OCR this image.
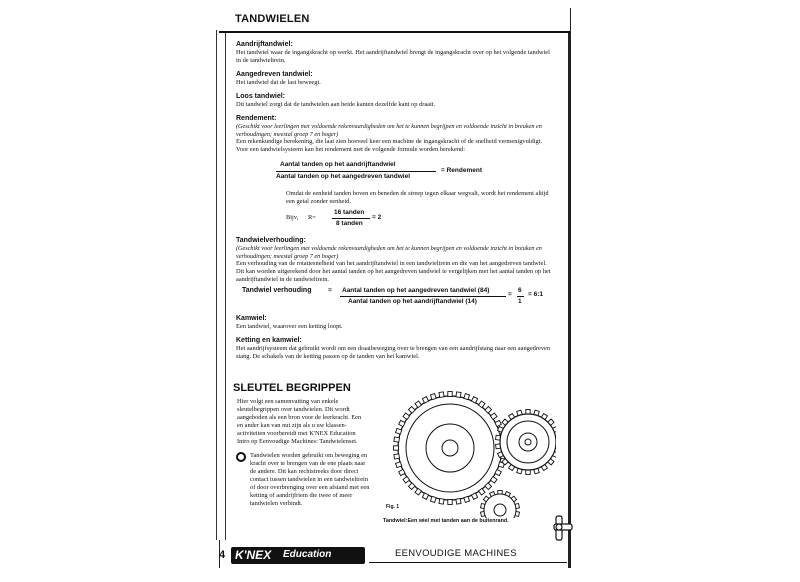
TANDWIELEN

Aandrijftandwiel:

Het tandwiel waar de ingangskracht op werkt. Het aandrijftandwiel brengt de ingangskracht over op het volgende tandwiel in de tandwieltrein.

Aangedreven tandwiel:

Het tandwiel dat de last beweegt.

Loos tandwiel:

Dit tandwiel zorgt dat de tandwielen aan beide kanten dezelfde kant op draait.

Rendement:

(Geschikt voor leerlingen met voldoende rekenvaardigheden om het te kunnen begrijpen en voldoende inzicht in breuken en verhoudingen; meestal groep 7 en hoger)

Een rekenkundige berekening, die laat zien hoeveel keer een machine de ingangskracht of de snelheid vermenigvuldigt. Voor een tandwielsysteem kan het rendement met de volgende formule worden berekend:

Aantal tanden op het aandrijftandwiel
Aantal tanden op het aangedreven tandwiel
= Rendement

Omdat de eenheid tanden boven en beneden de streep tegen elkaar wegvalt, wordt het rendement altijd een getal zonder eenheid.

Bijv, R=
16 tanden
8 tanden
= 2

Tandwielverhouding:

(Geschikt voor leerlingen met voldoende rekenvaardigheden om het te kunnen begrijpen en voldoende inzicht in breuken en verhoudingen; meestal groep 7 en hoger)

Een verhouding van de rotatiesnelheid van het aandrijftandwiel in een tandwieltrein en die van het aangedreven tandwiel. Dit kan worden uitgerekend door het aantal tanden op het aangedreven tandwiel te vergelijken met het aantal tanden op het aandrijftandwiel in de tandwieltrein.

Tandwiel verhouding	= Aantal tanden op het aangedreven tandwiel (84)
Aantal tanden op het aandrijftandwiel (14)
=
6
1
= 6:1

Kamwiel:

Een tandwiel, waarover een ketting loopt.

Ketting en kamwiel:

Het aandrijfsysteem dat gebruikt wordt om een draaibeweging over te brengen van een aandrijfstang naar een aangedreven stang. De schakels van de ketting passen op de tanden van het kamwiel.

SLEUTEL BEGRIPPEN

Hier volgt een samenvatting van enkele sleutelbegrippen over tandwielen. Dit wordt aangeboden als een bron voor de leerkracht. Een en ander kan van nut zijn als u uw klassen-activiteiten voorbereidt met K'NEX Education Intro op Eenvoudige Machines: Tandwielenset.

Tandwielen worden gebruikt om beweging en kracht over te brengen van de ene plaats naar de andere. Dit kan rechtstreeks door direct contact tussen tandwielen in een tandwieltrein of door overbrenging over een afstand met een ketting of aandrijfriem die twee of meer tandwielen verbindt.	Fig. 1
Tandwiel:Een wiel met tanden aan de buitenrand.
4 K'NEX Education	EENVOUDIGE MACHINES
